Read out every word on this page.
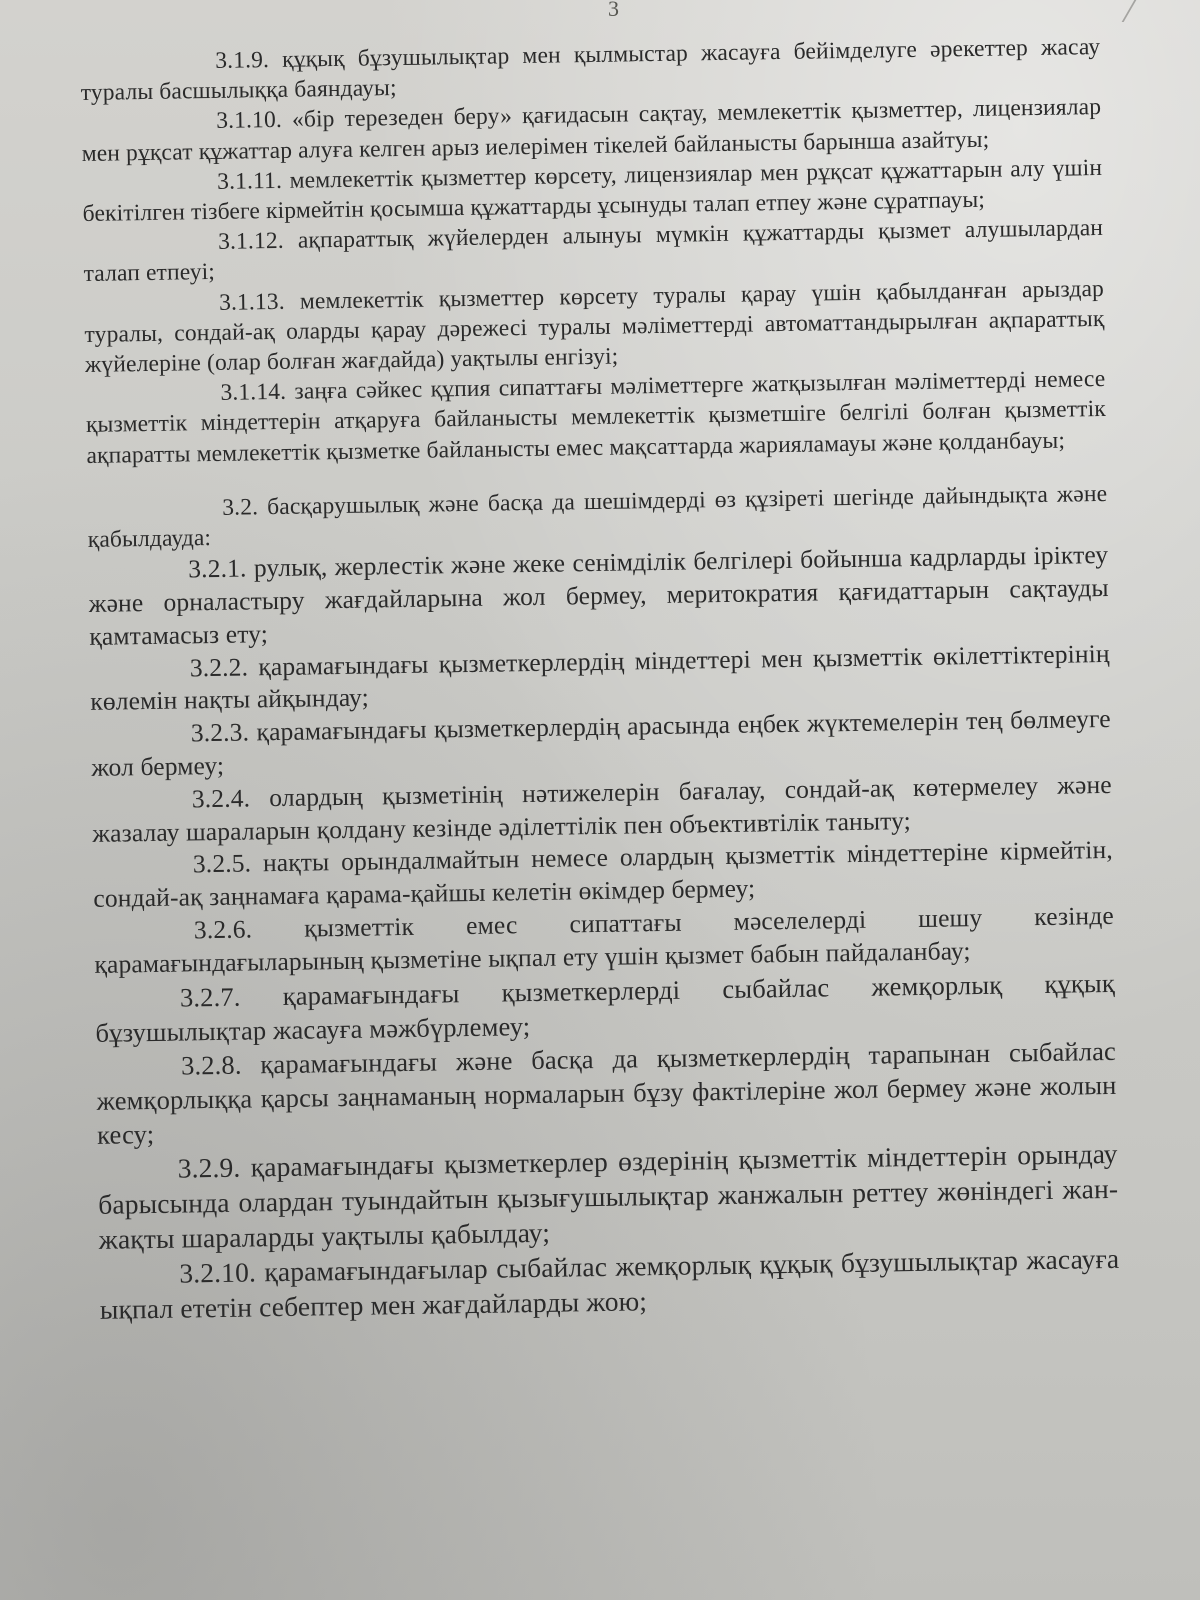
3

3.1.9. құқық бұзушылықтар мен қылмыстар жасауға бейімделуге әрекеттер жасау туралы басшылыққа баяндауы;

3.1.10. «бір терезеден беру» қағидасын сақтау, мемлекеттік қызметтер, лицензиялар мен рұқсат құжаттар алуға келген арыз иелерімен тікелей байланысты барынша азайтуы;

3.1.11. мемлекеттік қызметтер көрсету, лицензиялар мен рұқсат құжаттарын алу үшін бекітілген тізбеге кірмейтін қосымша құжаттарды ұсынуды талап етпеу және сұратпауы;

3.1.12. ақпараттық жүйелерден алынуы мүмкін құжаттарды қызмет алушылардан талап етпеуі;

3.1.13. мемлекеттік қызметтер көрсету туралы қарау үшін қабылданған арыздар туралы, сондай-ақ оларды қарау дәрежесі туралы мәліметтерді автоматтандырылған ақпараттық жүйелеріне (олар болған жағдайда) уақтылы енгізуі;

3.1.14. заңға сәйкес құпия сипаттағы мәліметтерге жатқызылған мәліметтерді немесе қызметтік міндеттерін атқаруға байланысты мемлекеттік қызметшіге белгілі болған қызметтік ақпаратты мемлекеттік қызметке байланысты емес мақсаттарда жарияламауы және қолданбауы;

3.2. басқарушылық және басқа да шешімдерді өз құзіреті шегінде дайындықта және қабылдауда:

3.2.1. рулық, жерлестік және жеке сенімділік белгілері бойынша кадрларды іріктеу және орналастыру жағдайларына жол бермеу, меритократия қағидаттарын сақтауды қамтамасыз ету;

3.2.2. қарамағындағы қызметкерлердің міндеттері мен қызметтік өкілеттіктерінің көлемін нақты айқындау;

3.2.3. қарамағындағы қызметкерлердің арасында еңбек жүктемелерін тең бөлмеуге жол бермеу;

3.2.4. олардың қызметінің нәтижелерін бағалау, сондай-ақ көтермелеу және жазалау шараларын қолдану кезінде әділеттілік пен объективтілік таныту;

3.2.5. нақты орындалмайтын немесе олардың қызметтік міндеттеріне кірмейтін, сондай-ақ заңнамаға қарама-қайшы келетін өкімдер бермеу;

3.2.6. қызметтік емес сипаттағы мәселелерді шешу кезінде қарамағындағыларының қызметіне ықпал ету үшін қызмет бабын пайдаланбау;

3.2.7. қарамағындағы қызметкерлерді сыбайлас жемқорлық құқық бұзушылықтар жасауға мәжбүрлемеу;

3.2.8. қарамағындағы және басқа да қызметкерлердің тарапынан сыбайлас жемқорлыққа қарсы заңнаманың нормаларын бұзу фактілеріне жол бермеу және жолын кесу;

3.2.9. қарамағындағы қызметкерлер өздерінің қызметтік міндеттерін орындау барысында олардан туындайтын қызығушылықтар жанжалын реттеу жөніндегі жан-жақты шараларды уақтылы қабылдау;

3.2.10. қарамағындағылар сыбайлас жемқорлық құқық бұзушылықтар жасауға ықпал ететін себептер мен жағдайларды жою;
